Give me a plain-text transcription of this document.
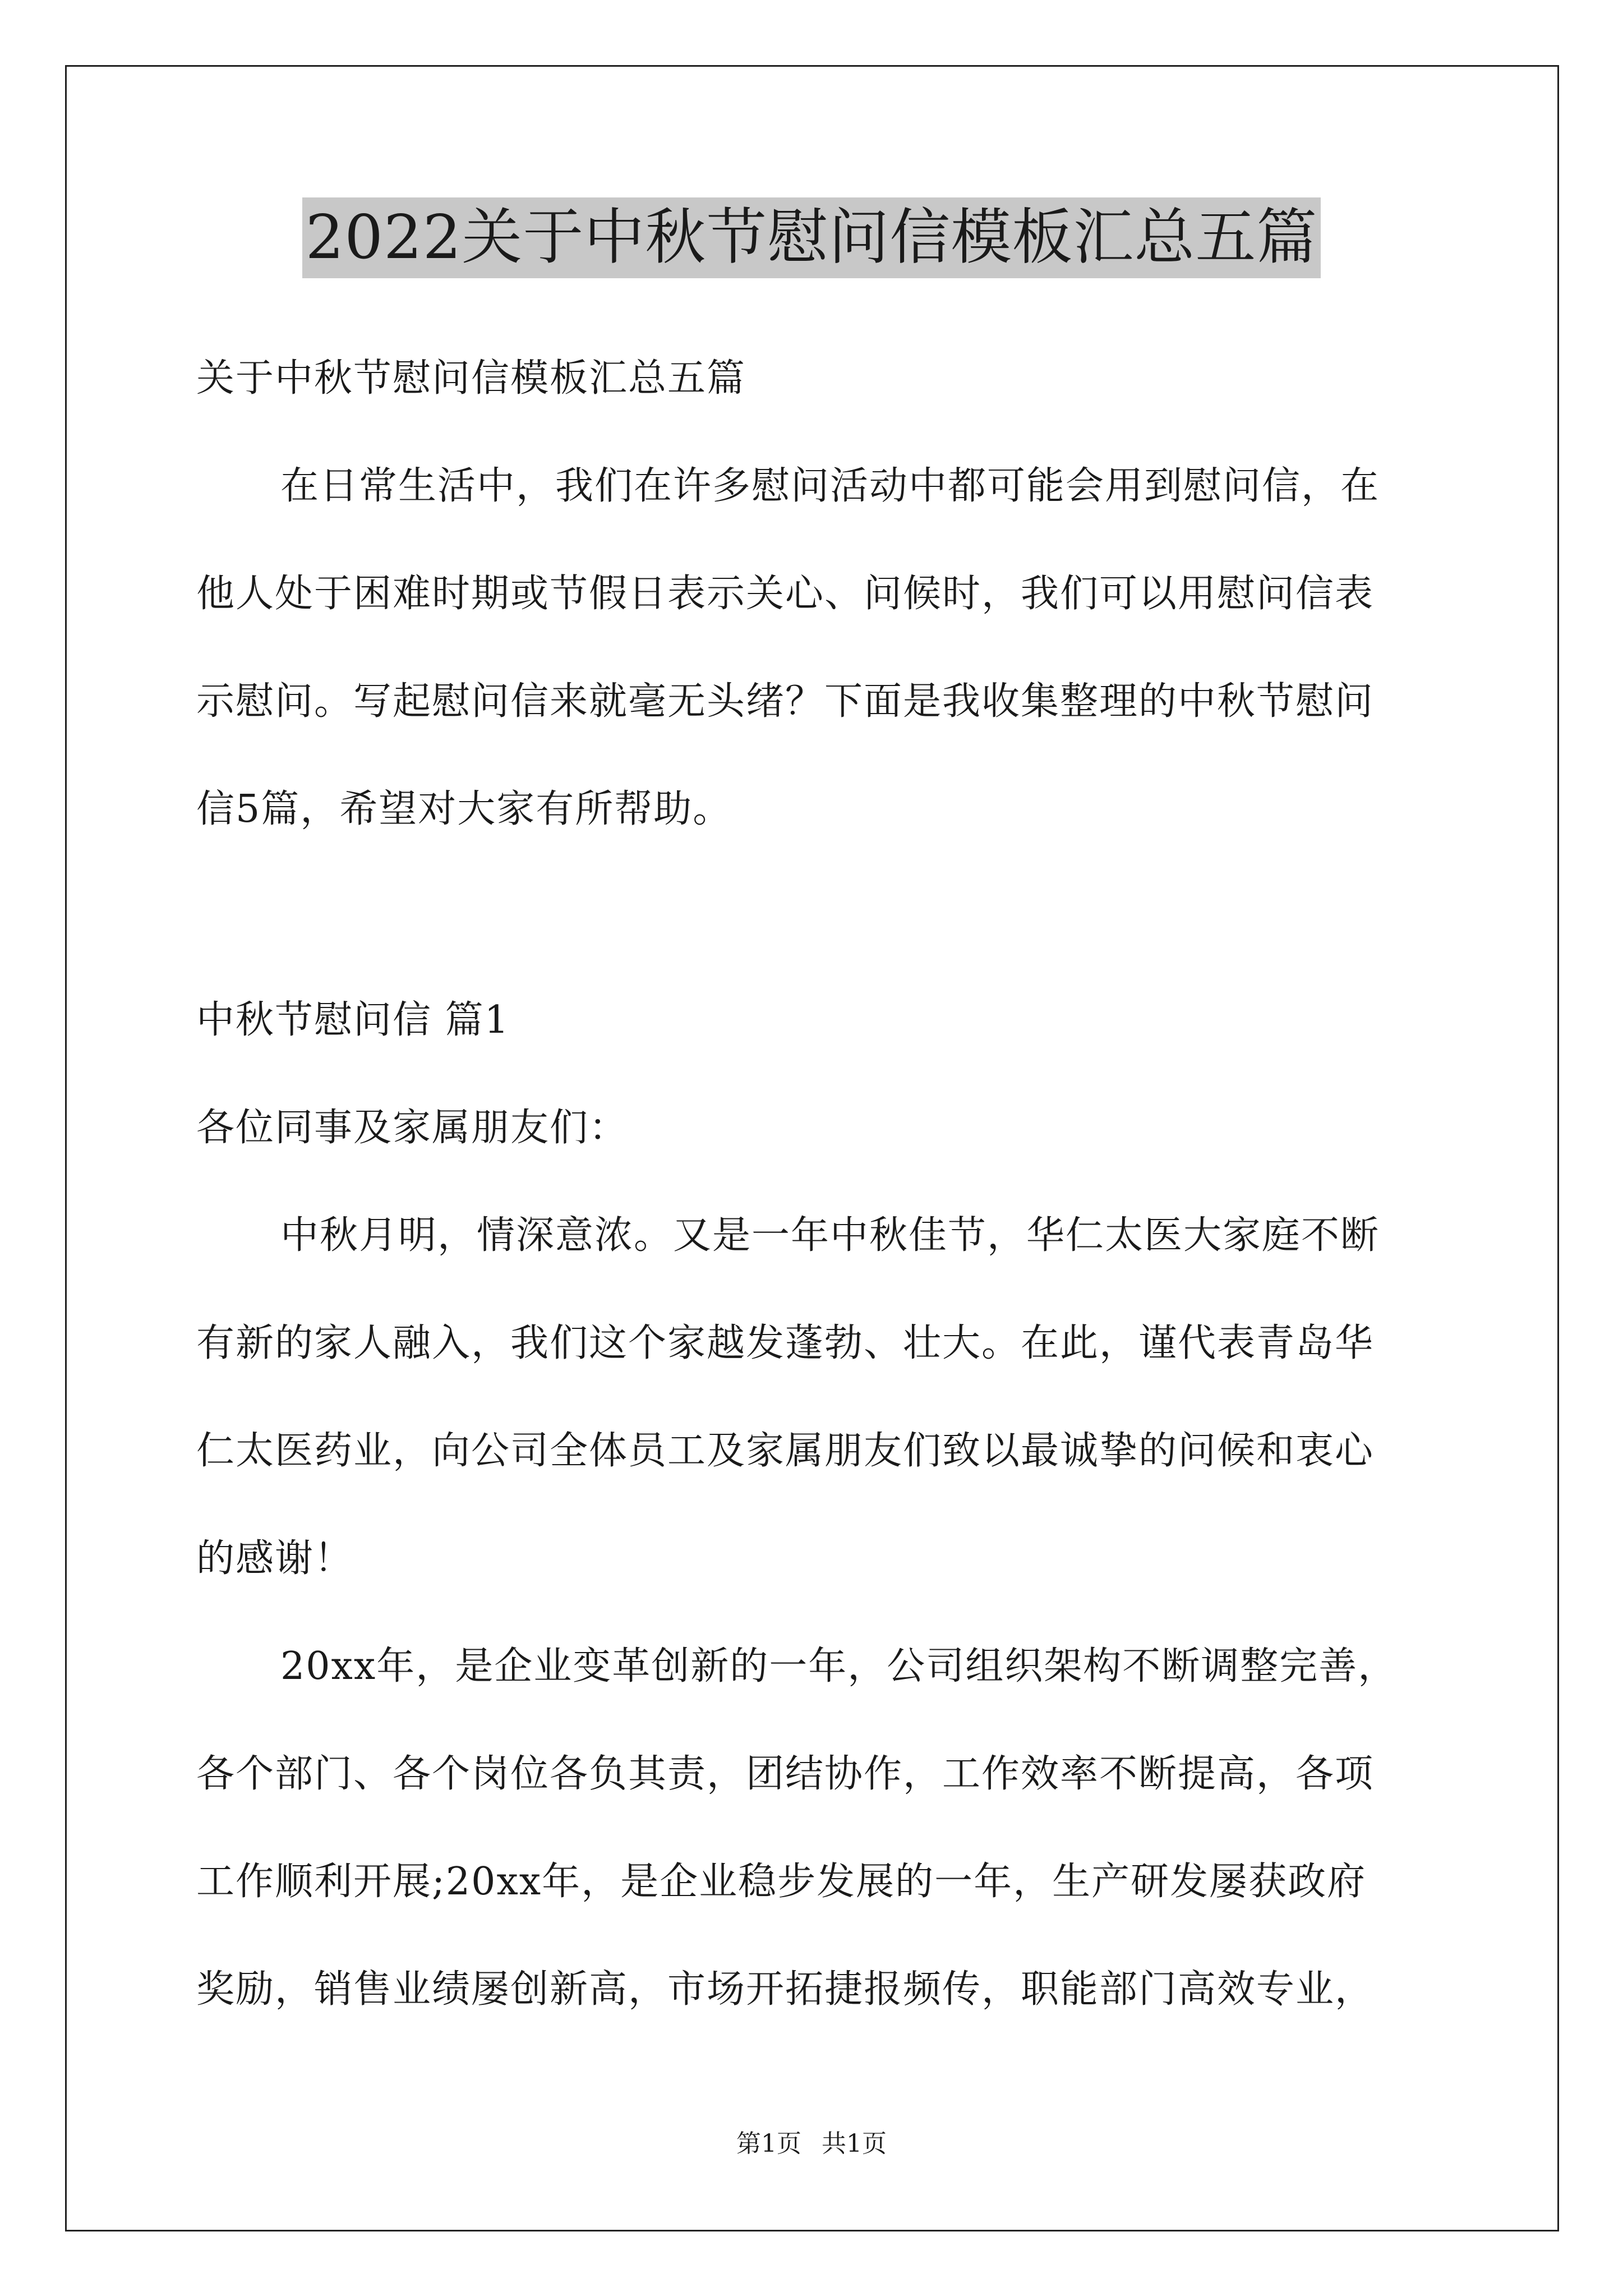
2022关于中秋节慰问信模板汇总五篇
关于中秋节慰问信模板汇总五篇
在日常生活中，我们在许多慰问活动中都可能会用到慰问信，在
他人处于困难时期或节假日表示关心、问候时，我们可以用慰问信表
示慰问。写起慰问信来就毫无头绪？下面是我收集整理的中秋节慰问
信5篇，希望对大家有所帮助。
中秋节慰问信 篇1
各位同事及家属朋友们：
中秋月明，情深意浓。又是一年中秋佳节，华仁太医大家庭不断
有新的家人融入，我们这个家越发蓬勃、壮大。在此，谨代表青岛华
仁太医药业，向公司全体员工及家属朋友们致以最诚挚的问候和衷心
的感谢！
20xx年，是企业变革创新的一年，公司组织架构不断调整完善，
各个部门、各个岗位各负其责，团结协作，工作效率不断提高，各项
工作顺利开展;20xx年，是企业稳步发展的一年，生产研发屡获政府
奖励，销售业绩屡创新高，市场开拓捷报频传，职能部门高效专业，
第1页 共1页
